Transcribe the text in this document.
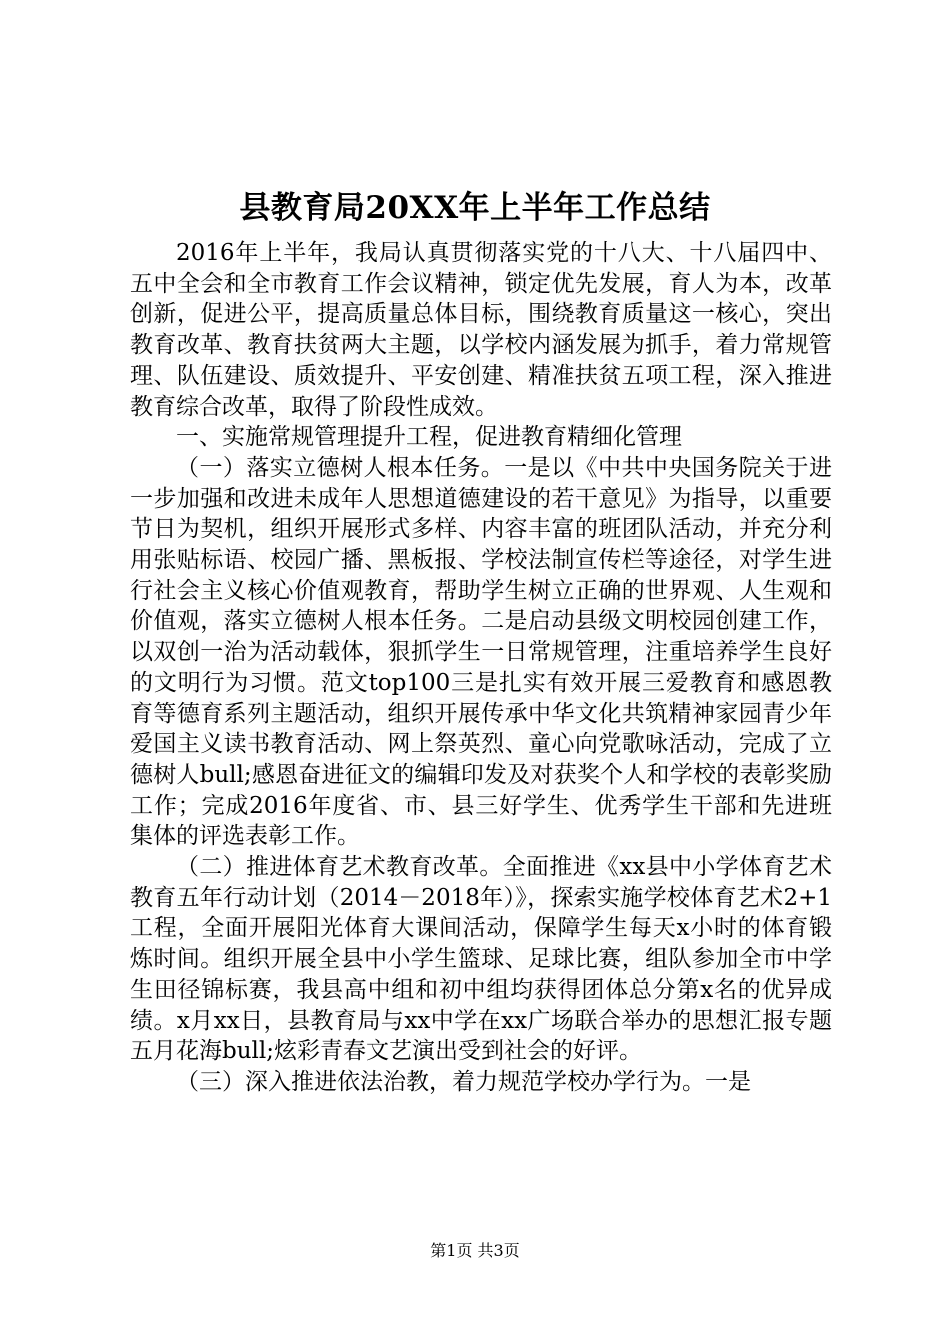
县教育局20XX年上半年工作总结

2016年上半年，我局认真贯彻落实党的十八大、十八届四中、五中全会和全市教育工作会议精神，锁定优先发展，育人为本，改革创新，促进公平，提高质量总体目标，围绕教育质量这一核心，突出教育改革、教育扶贫两大主题，以学校内涵发展为抓手，着力常规管理、队伍建设、质效提升、平安创建、精准扶贫五项工程，深入推进教育综合改革，取得了阶段性成效。

一、实施常规管理提升工程，促进教育精细化管理

（一）落实立德树人根本任务。一是以《中共中央国务院关于进一步加强和改进未成年人思想道德建设的若干意见》为指导，以重要节日为契机，组织开展形式多样、内容丰富的班团队活动，并充分利用张贴标语、校园广播、黑板报、学校法制宣传栏等途径，对学生进行社会主义核心价值观教育，帮助学生树立正确的世界观、人生观和价值观，落实立德树人根本任务。二是启动县级文明校园创建工作，以双创一治为活动载体，狠抓学生一日常规管理，注重培养学生良好的文明行为习惯。范文top100三是扎实有效开展三爱教育和感恩教育等德育系列主题活动，组织开展传承中华文化共筑精神家园青少年爱国主义读书教育活动、网上祭英烈、童心向党歌咏活动，完成了立德树人bull;感恩奋进征文的编辑印发及对获奖个人和学校的表彰奖励工作；完成2016年度省、市、县三好学生、优秀学生干部和先进班集体的评选表彰工作。

（二）推进体育艺术教育改革。全面推进《xx县中小学体育艺术教育五年行动计划（2014－2018年）》，探索实施学校体育艺术2+1工程，全面开展阳光体育大课间活动，保障学生每天x小时的体育锻炼时间。组织开展全县中小学生篮球、足球比赛，组队参加全市中学生田径锦标赛，我县高中组和初中组均获得团体总分第x名的优异成绩。x月xx日，县教育局与xx中学在xx广场联合举办的思想汇报专题五月花海bull;炫彩青春文艺演出受到社会的好评。

（三）深入推进依法治教，着力规范学校办学行为。一是

第1页 共3页
